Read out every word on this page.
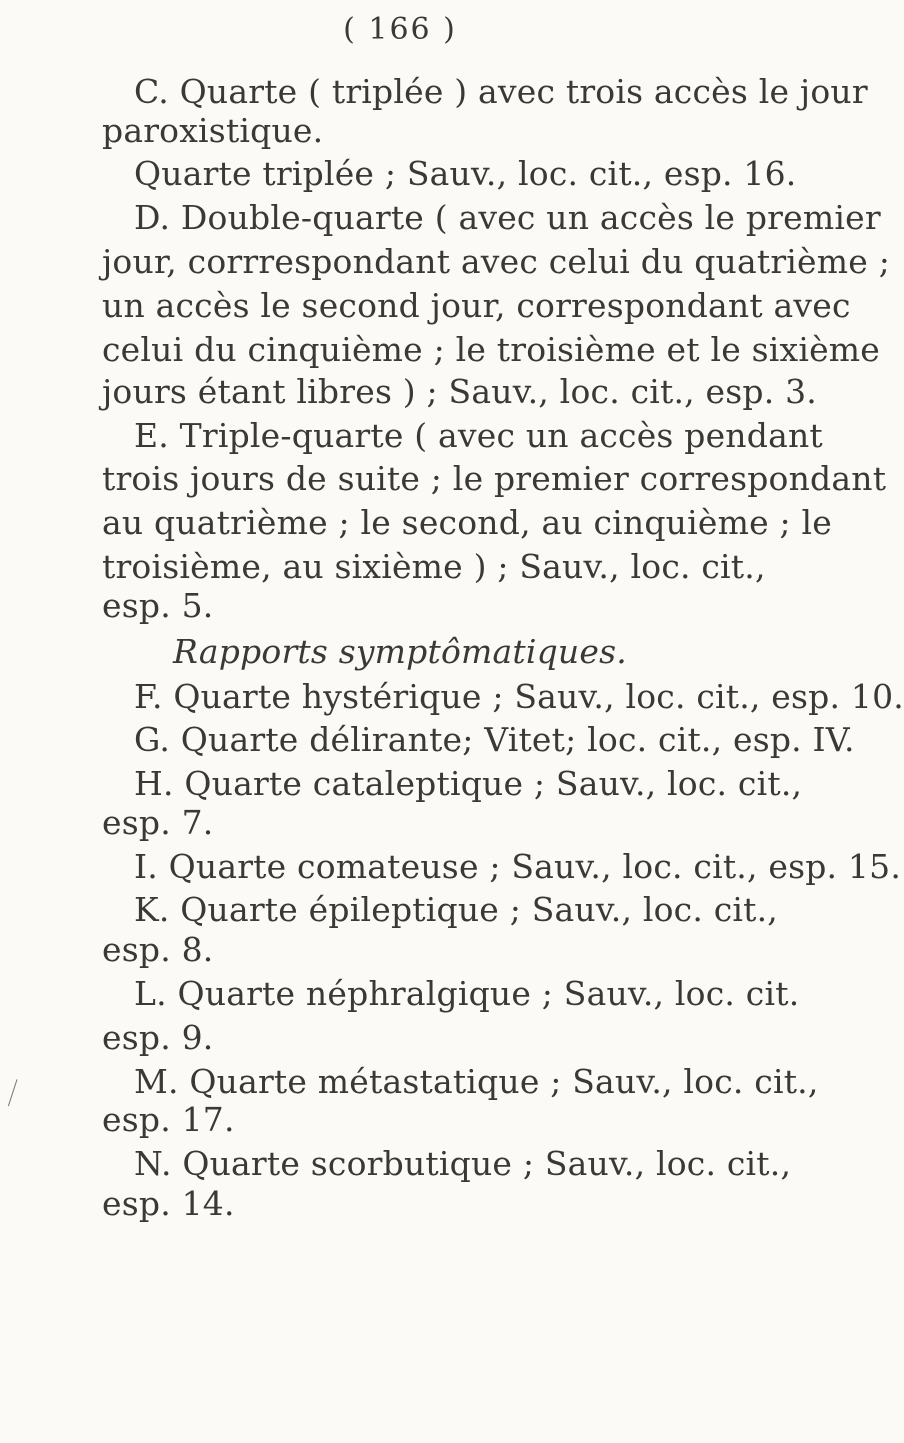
( 166 )
C. Quarte ( triplée ) avec trois accès le jour
paroxistique.
Quarte triplée ; Sauv., loc. cit., esp. 16.
D. Double-quarte ( avec un accès le premier
jour, corrrespondant avec celui du quatrième ;
un accès le second jour, correspondant avec
celui du cinquième ; le troisième et le sixième
jours étant libres ) ; Sauv., loc. cit., esp. 3.
E. Triple-quarte ( avec un accès pendant
trois jours de suite ; le premier correspondant
au quatrième ; le second, au cinquième ; le
troisième, au sixième ) ; Sauv., loc. cit.,
esp. 5.
Rapports symptômatiques.
F. Quarte hystérique ; Sauv., loc. cit., esp. 10.
G. Quarte délirante; Vitet; loc. cit., esp. IV.
H. Quarte cataleptique ; Sauv., loc. cit.,
esp. 7.
I. Quarte comateuse ; Sauv., loc. cit., esp. 15.
K. Quarte épileptique ; Sauv., loc. cit.,
esp. 8.
L. Quarte néphralgique ; Sauv., loc. cit.
esp. 9.
M. Quarte métastatique ; Sauv., loc. cit.,
esp. 17.
N. Quarte scorbutique ; Sauv., loc. cit.,
esp. 14.
